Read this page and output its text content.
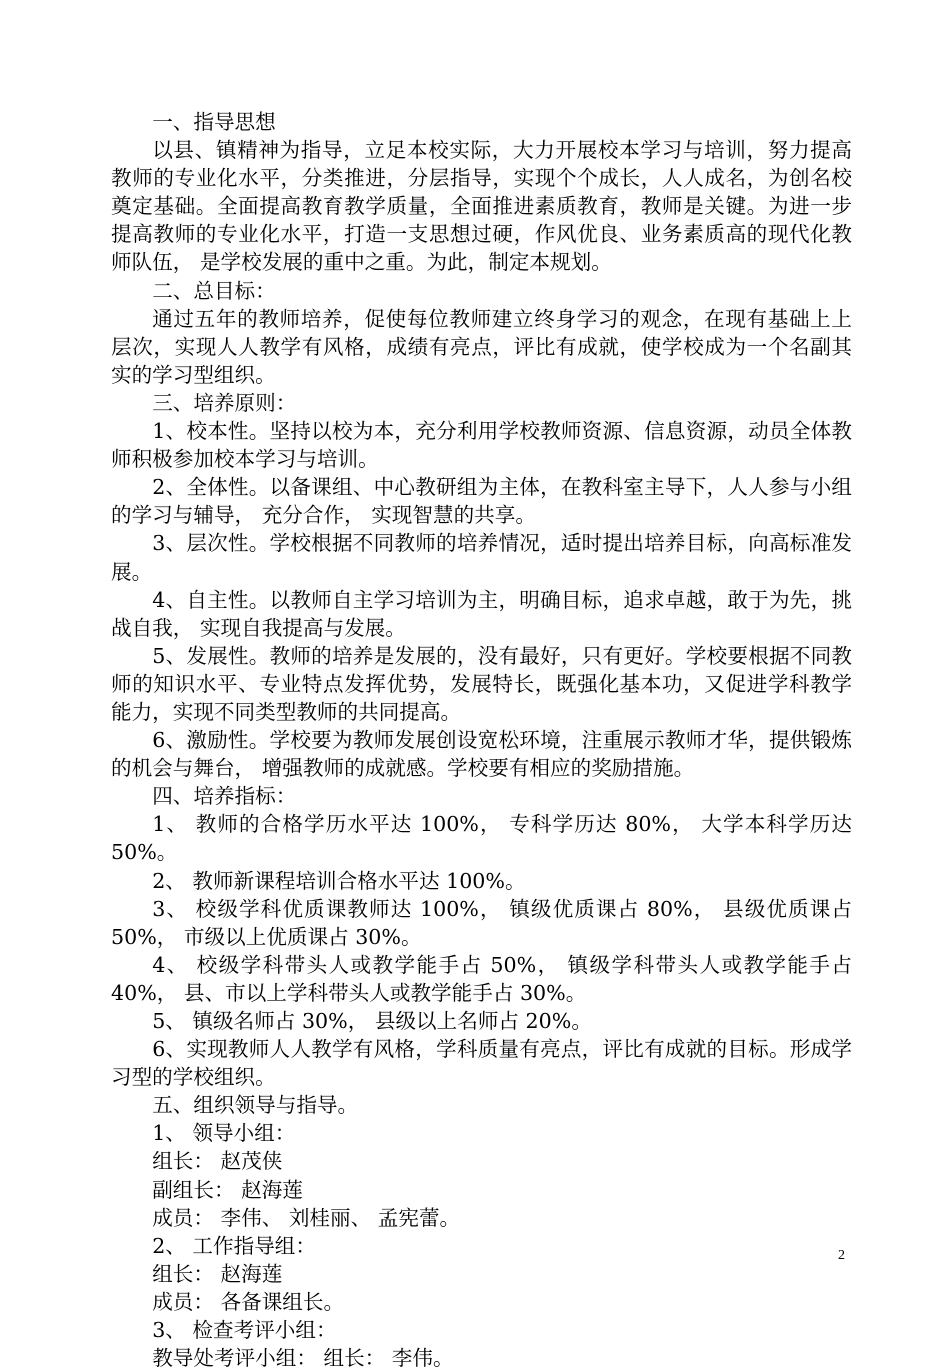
一、指导思想

以县、镇精神为指导，立足本校实际，大力开展校本学习与培训，努力提高教师的专业化水平，分类推进，分层指导，实现个个成长，人人成名，为创名校奠定基础。全面提高教育教学质量，全面推进素质教育，教师是关键。为进一步提高教师的专业化水平，打造一支思想过硬，作风优良、业务素质高的现代化教师队伍， 是学校发展的重中之重。为此，制定本规划。

二、总目标：

通过五年的教师培养，促使每位教师建立终身学习的观念，在现有基础上上层次，实现人人教学有风格，成绩有亮点，评比有成就，使学校成为一个名副其实的学习型组织。

三、培养原则：

1、校本性。坚持以校为本，充分利用学校教师资源、信息资源，动员全体教师积极参加校本学习与培训。

2、全体性。以备课组、中心教研组为主体，在教科室主导下，人人参与小组的学习与辅导， 充分合作， 实现智慧的共享。

3、层次性。学校根据不同教师的培养情况，适时提出培养目标，向高标准发展。

4、自主性。以教师自主学习培训为主，明确目标，追求卓越，敢于为先，挑战自我， 实现自我提高与发展。

5、发展性。教师的培养是发展的，没有最好，只有更好。学校要根据不同教师的知识水平、专业特点发挥优势，发展特长，既强化基本功，又促进学科教学能力，实现不同类型教师的共同提高。

6、激励性。学校要为教师发展创设宽松环境，注重展示教师才华，提供锻炼的机会与舞台， 增强教师的成就感。学校要有相应的奖励措施。

四、培养指标：

1、 教师的合格学历水平达 100%， 专科学历达 80%， 大学本科学历达 50%。

2、 教师新课程培训合格水平达 100%。

3、 校级学科优质课教师达 100%， 镇级优质课占 80%， 县级优质课占 50%， 市级以上优质课占 30%。

4、 校级学科带头人或教学能手占 50%， 镇级学科带头人或教学能手占 40%， 县、市以上学科带头人或教学能手占 30%。

5、 镇级名师占 30%， 县级以上名师占 20%。

6、实现教师人人教学有风格，学科质量有亮点，评比有成就的目标。形成学习型的学校组织。

五、组织领导与指导。

1、 领导小组：

组长： 赵茂侠

副组长： 赵海莲

成员： 李伟、 刘桂丽、 孟宪蕾。

2、 工作指导组：

组长： 赵海莲

成员： 各备课组长。

3、 检查考评小组：

教导处考评小组： 组长： 李伟。

2
